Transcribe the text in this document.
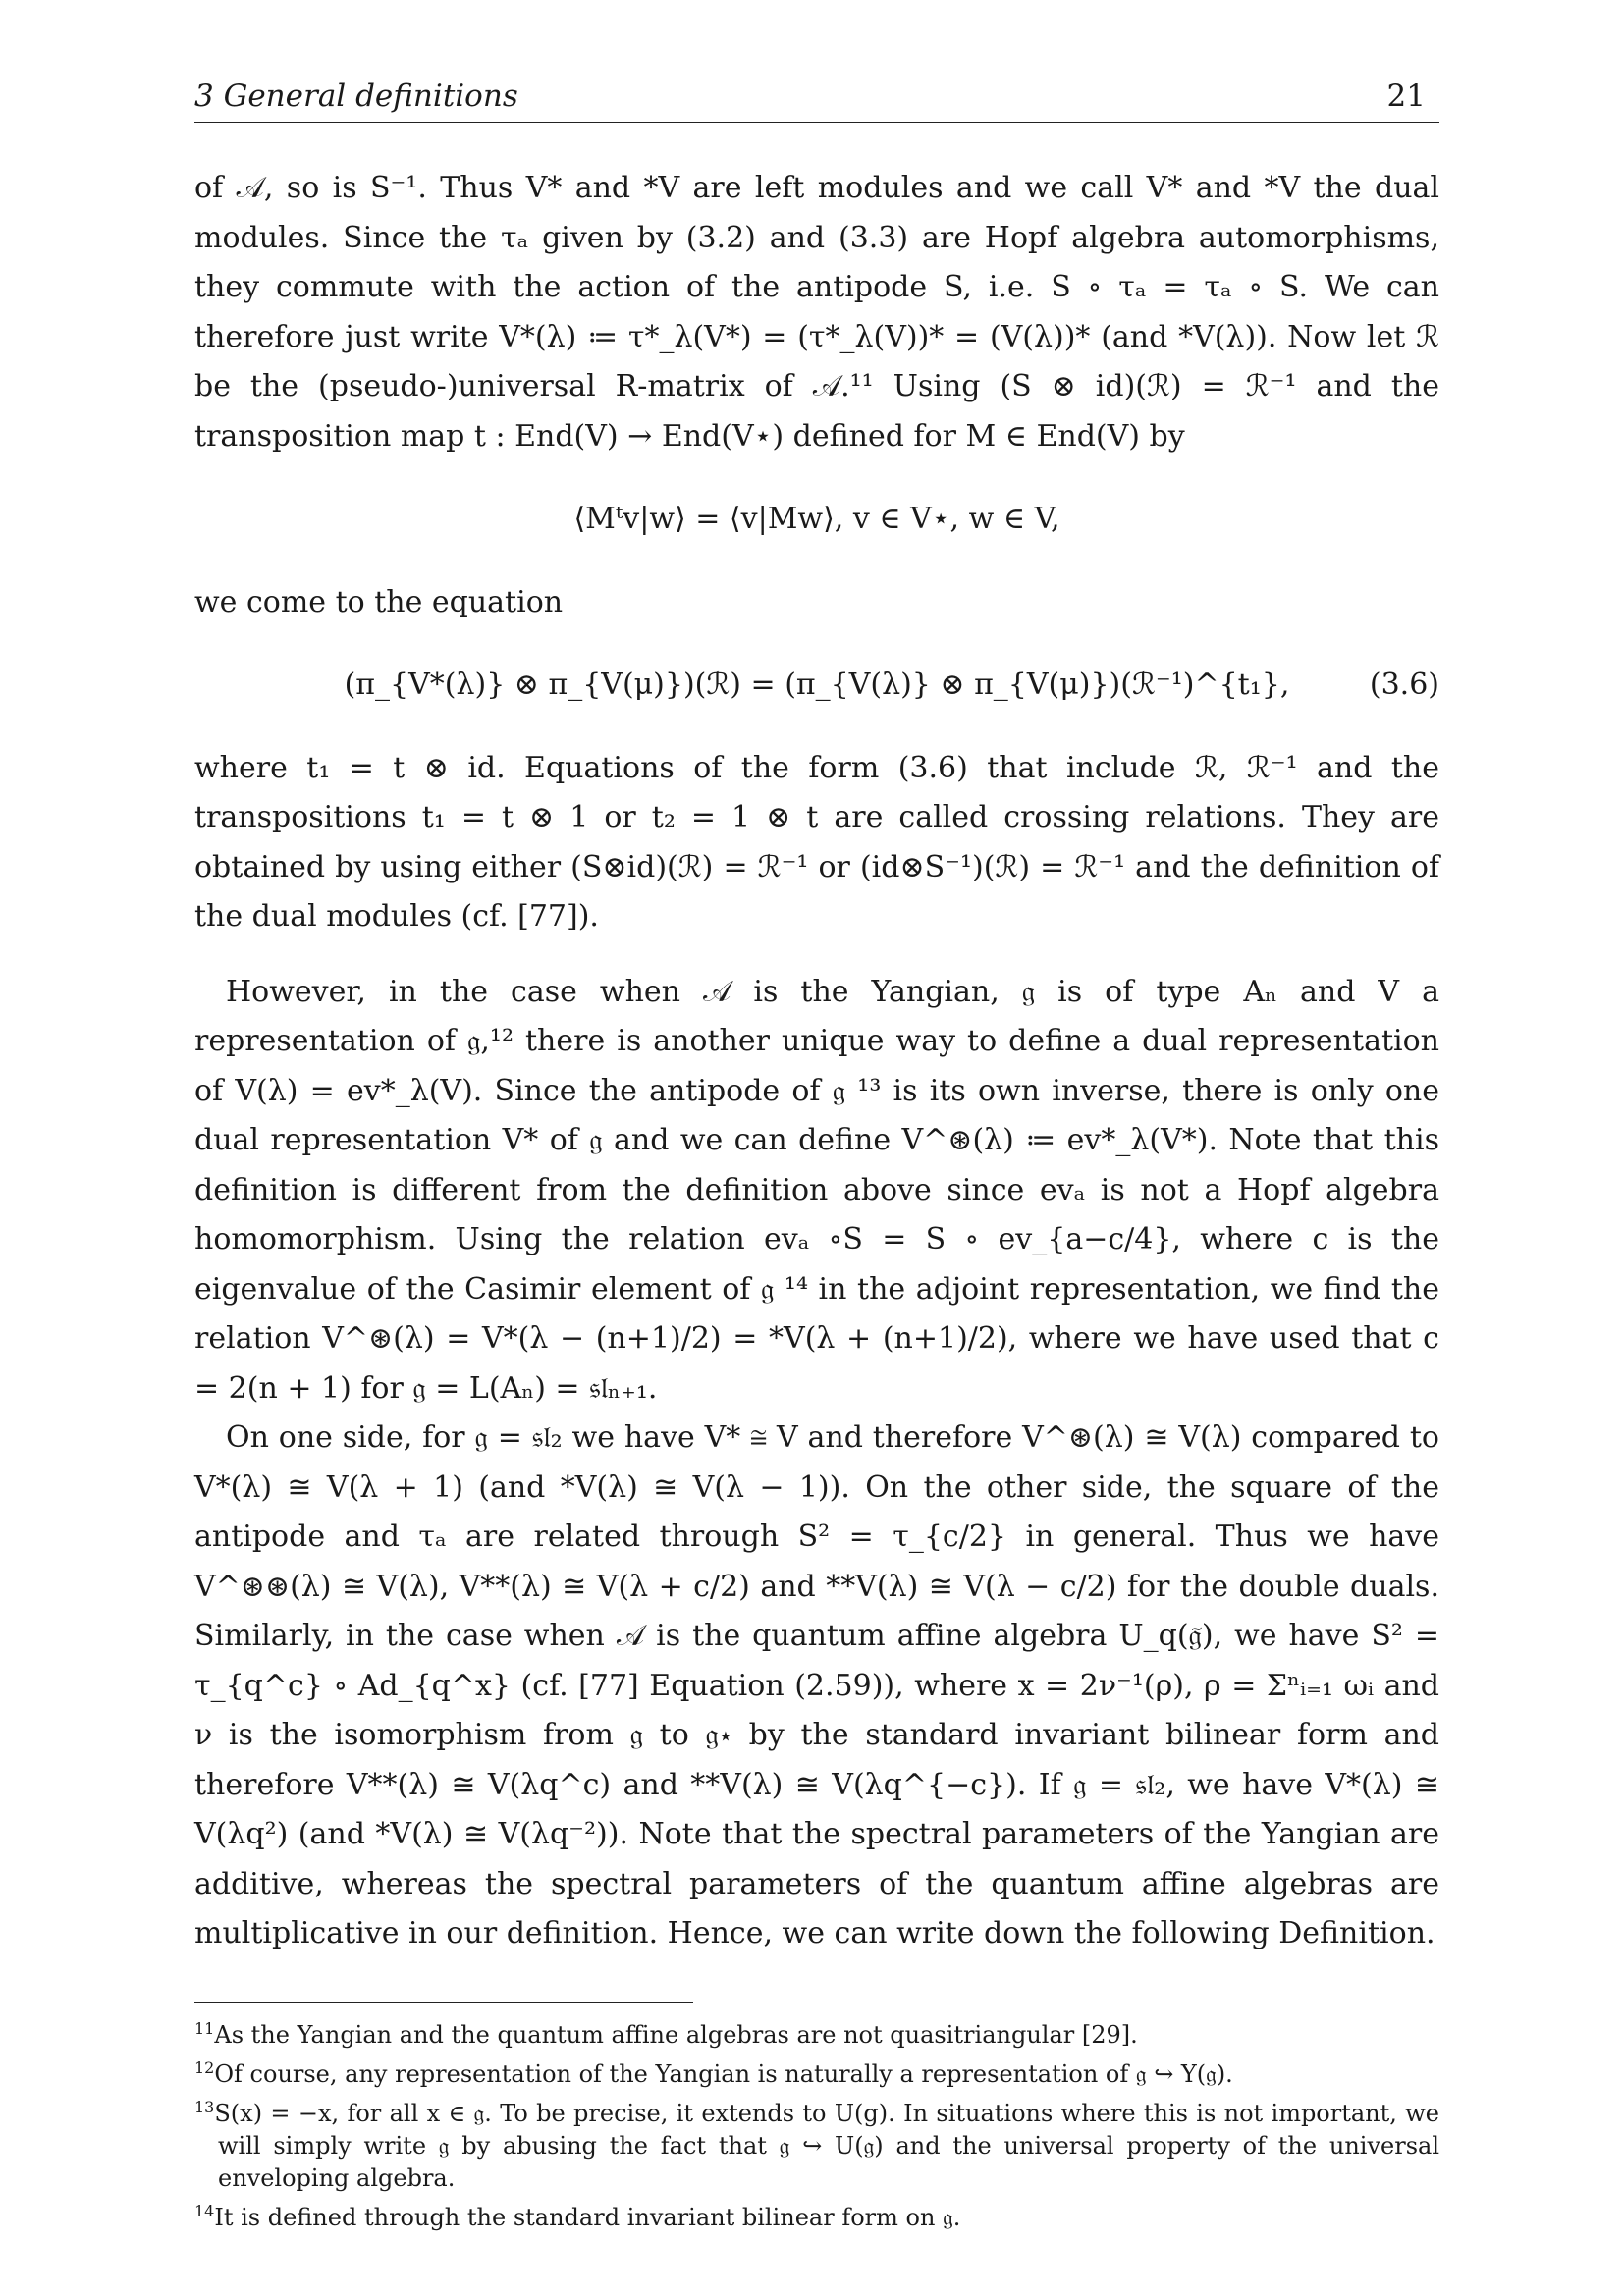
3 General definitions	21

of 𝒜, so is S⁻¹. Thus V* and *V are left modules and we call V* and *V the dual modules. Since the τₐ given by (3.2) and (3.3) are Hopf algebra automorphisms, they commute with the action of the antipode S, i.e. S ∘ τₐ = τₐ ∘ S. We can therefore just write V*(λ) ≔ τ*_λ(V*) = (τ*_λ(V))* = (V(λ))* (and *V(λ)). Now let ℛ be the (pseudo-)universal R-matrix of 𝒜.¹¹ Using (S ⊗ id)(ℛ) = ℛ⁻¹ and the transposition map t : End(V) → End(V⋆) defined for M ∈ End(V) by

⟨Mᵗv|w⟩ = ⟨v|Mw⟩, v ∈ V⋆, w ∈ V,

we come to the equation

(π_{V*(λ)} ⊗ π_{V(μ)})(ℛ) = (π_{V(λ)} ⊗ π_{V(μ)})(ℛ⁻¹)^{t₁},	(3.6)

where t₁ = t ⊗ id. Equations of the form (3.6) that include ℛ, ℛ⁻¹ and the transpositions t₁ = t ⊗ 1 or t₂ = 1 ⊗ t are called crossing relations. They are obtained by using either (S⊗id)(ℛ) = ℛ⁻¹ or (id⊗S⁻¹)(ℛ) = ℛ⁻¹ and the definition of the dual modules (cf. [77]).

However, in the case when 𝒜 is the Yangian, 𝔤 is of type Aₙ and V a representation of 𝔤,¹² there is another unique way to define a dual representation of V(λ) = ev*_λ(V). Since the antipode of 𝔤 ¹³ is its own inverse, there is only one dual representation V* of 𝔤 and we can define V^⊛(λ) ≔ ev*_λ(V*). Note that this definition is different from the definition above since evₐ is not a Hopf algebra homomorphism. Using the relation evₐ ∘S = S ∘ ev_{a−c/4}, where c is the eigenvalue of the Casimir element of 𝔤 ¹⁴ in the adjoint representation, we find the relation V^⊛(λ) = V*(λ − (n+1)/2) = *V(λ + (n+1)/2), where we have used that c = 2(n + 1) for 𝔤 = L(Aₙ) = 𝔰𝔩ₙ₊₁.

On one side, for 𝔤 = 𝔰𝔩₂ we have V* ≅ V and therefore V^⊛(λ) ≅ V(λ) compared to V*(λ) ≅ V(λ + 1) (and *V(λ) ≅ V(λ − 1)). On the other side, the square of the antipode and τₐ are related through S² = τ_{c/2} in general. Thus we have V^⊛⊛(λ) ≅ V(λ), V**(λ) ≅ V(λ + c/2) and **V(λ) ≅ V(λ − c/2) for the double duals. Similarly, in the case when 𝒜 is the quantum affine algebra U_q(𝔤̃), we have S² = τ_{q^c} ∘ Ad_{q^x} (cf. [77] Equation (2.59)), where x = 2ν⁻¹(ρ), ρ = Σⁿᵢ₌₁ ωᵢ and ν is the isomorphism from 𝔤 to 𝔤⋆ by the standard invariant bilinear form and therefore V**(λ) ≅ V(λq^c) and **V(λ) ≅ V(λq^{−c}). If 𝔤 = 𝔰𝔩₂, we have V*(λ) ≅ V(λq²) (and *V(λ) ≅ V(λq⁻²)). Note that the spectral parameters of the Yangian are additive, whereas the spectral parameters of the quantum affine algebras are multiplicative in our definition. Hence, we can write down the following Definition.

$^{11}$As the Yangian and the quantum affine algebras are not quasitriangular [29].

$^{12}$Of course, any representation of the Yangian is naturally a representation of 𝔤 ↪ Y(𝔤).

$^{13}$S(x) = −x, for all x ∈ 𝔤. To be precise, it extends to U(g). In situations where this is not important, we will simply write 𝔤 by abusing the fact that 𝔤 ↪ U(𝔤) and the universal property of the universal enveloping algebra.

$^{14}$It is defined through the standard invariant bilinear form on 𝔤.
